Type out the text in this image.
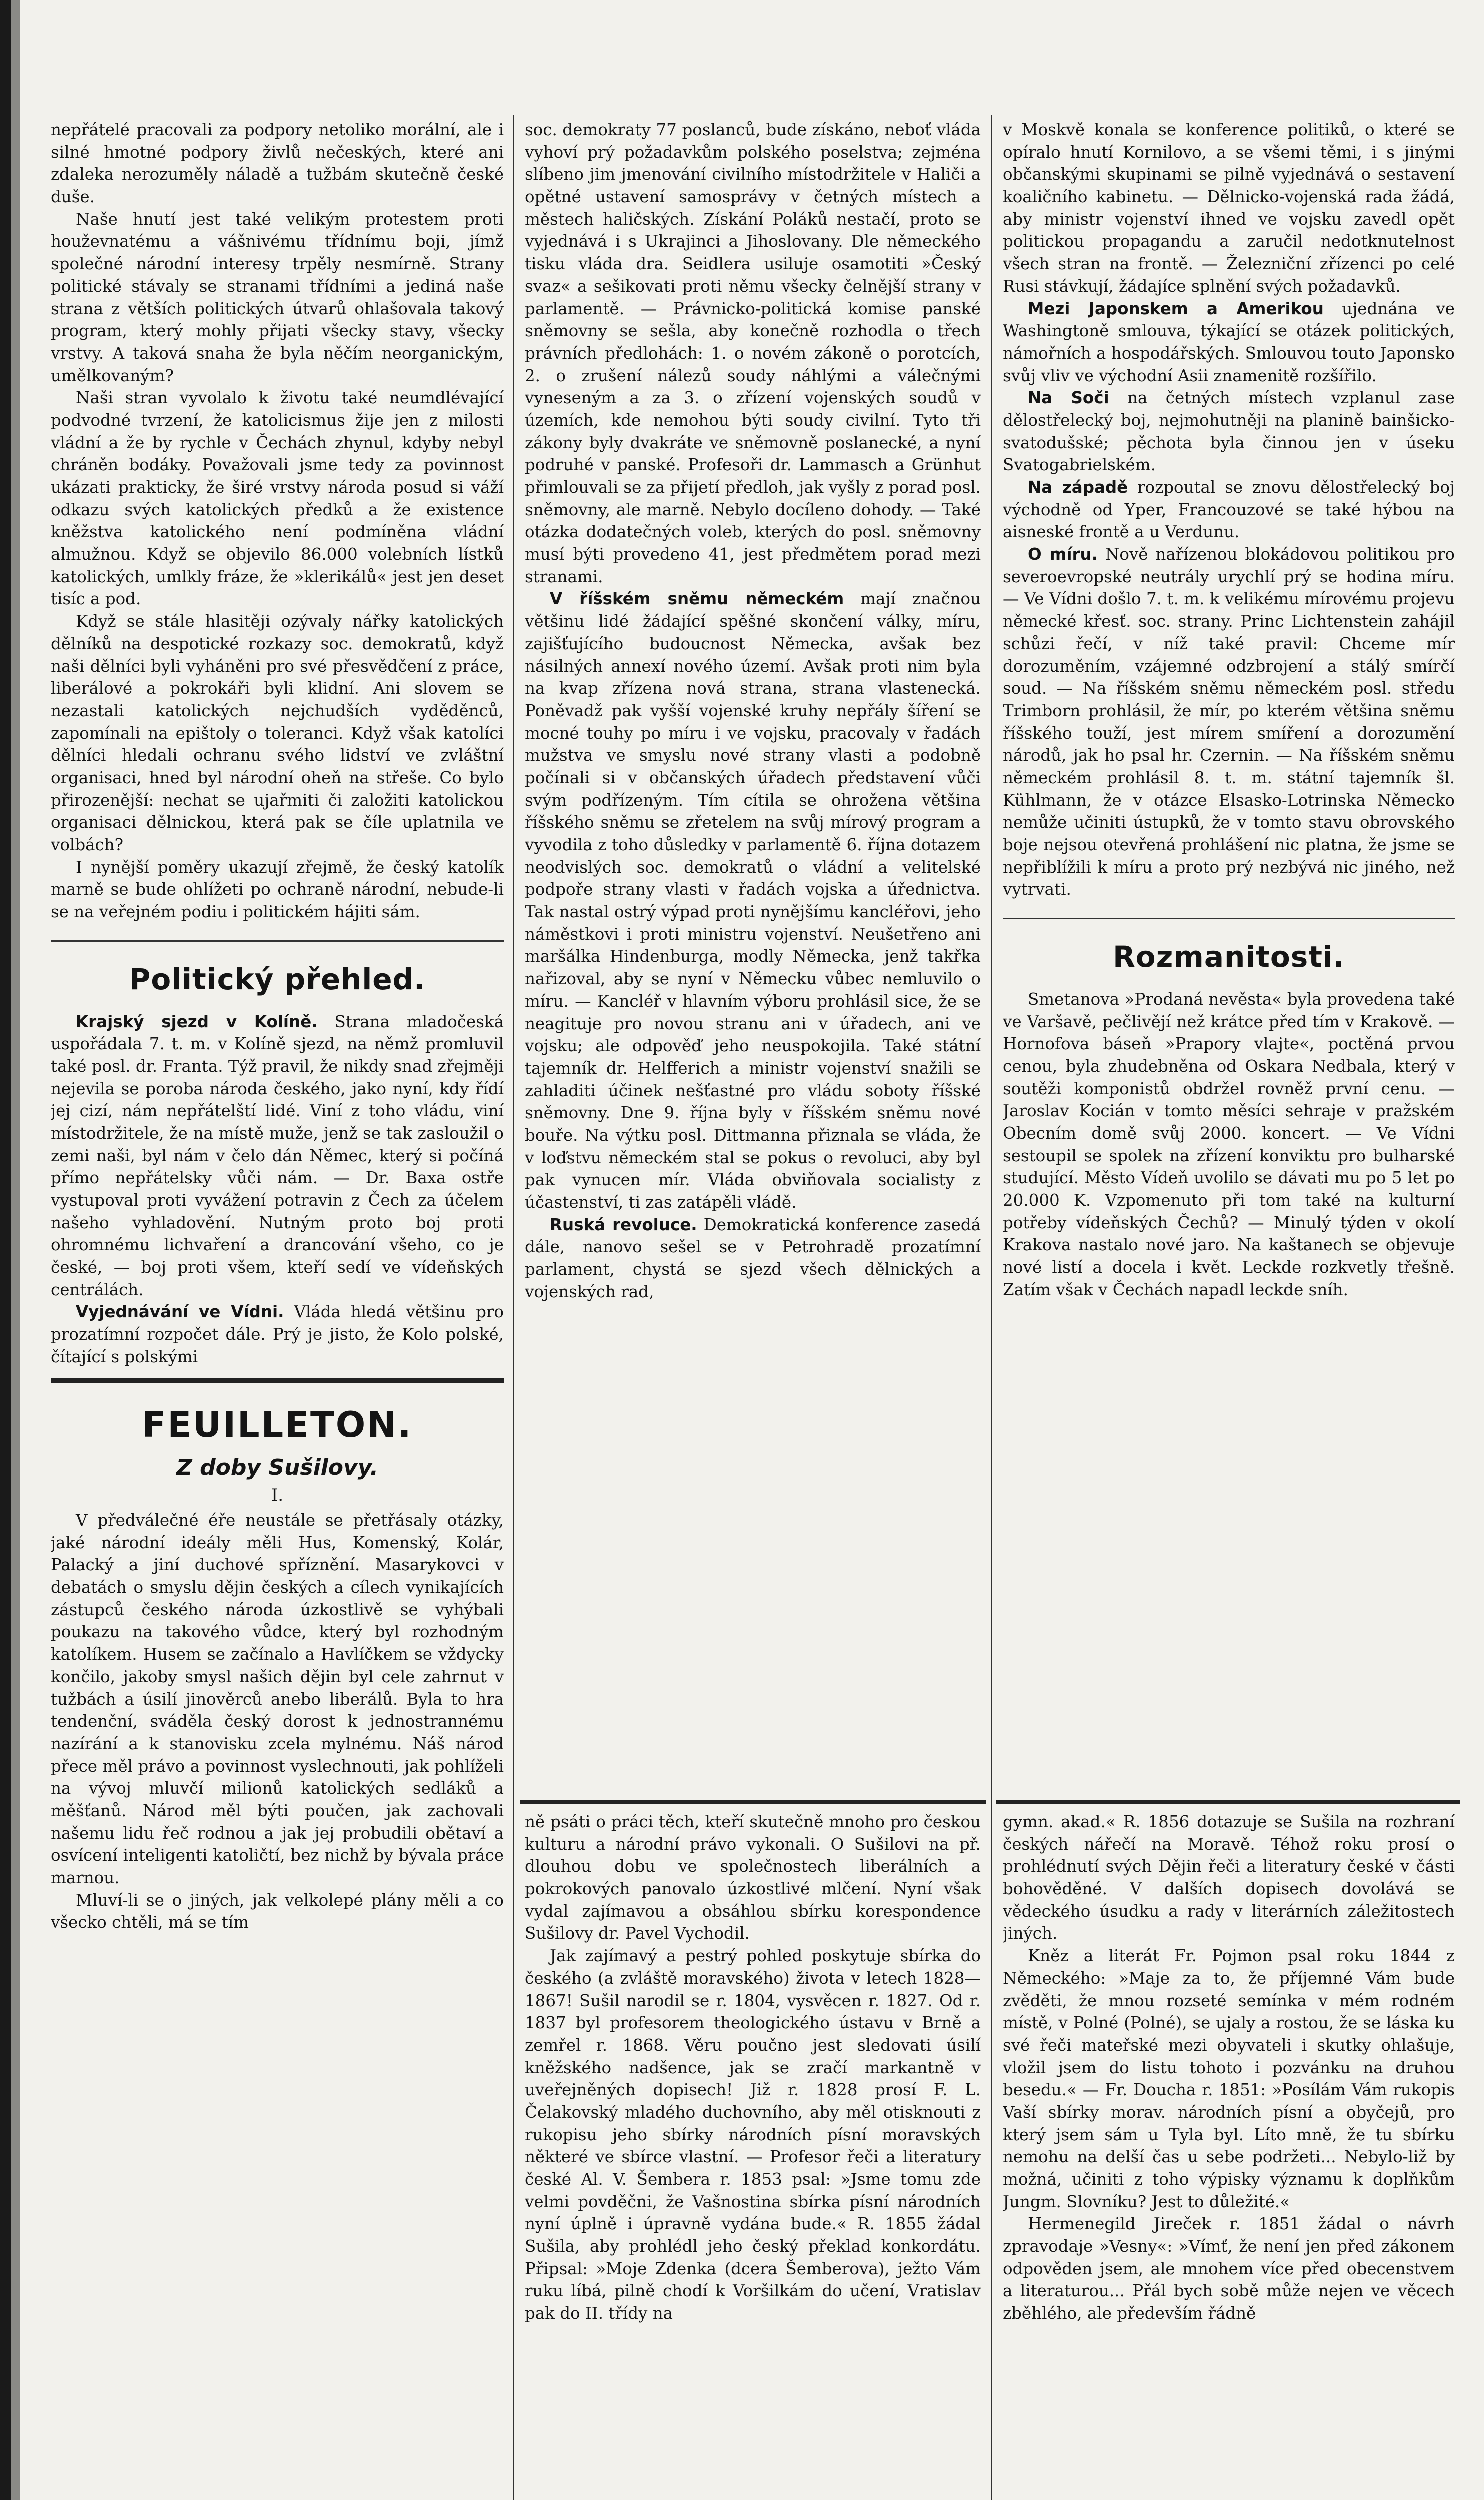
nepřátelé pracovali za podpory netoliko morální, ale i silné hmotné podpory živlů nečeských, které ani zdaleka nerozuměly náladě a tužbám skutečně české duše.

Naše hnutí jest také velikým protestem proti houževnatému a vášnivému třídnímu boji, jímž společné národní interesy trpěly nesmírně. Strany politické stávaly se stranami třídními a jediná naše strana z větších politických útvarů ohlašovala takový program, který mohly přijati všecky stavy, všecky vrstvy. A taková snaha že byla něčím neorganickým, umělkovaným?

Naši stran vyvolalo k životu také neumdlévající podvodné tvrzení, že katolicismus žije jen z milosti vládní a že by rychle v Čechách zhynul, kdyby nebyl chráněn bodáky. Považovali jsme tedy za povinnost ukázati prakticky, že širé vrstvy národa posud si váží odkazu svých katolických předků a že existence kněžstva katolického není podmíněna vládní almužnou. Když se objevilo 86.000 volebních lístků katolických, umlkly fráze, že »klerikálů« jest jen deset tisíc a pod.

Když se stále hlasitěji ozývaly nářky katolických dělníků na despotické rozkazy soc. demokratů, když naši dělníci byli vyháněni pro své přesvědčení z práce, liberálové a pokrokáři byli klidní. Ani slovem se nezastali katolických nejchudších vyděděnců, zapomínali na epištoly o toleranci. Když však katolíci dělníci hledali ochranu svého lidství ve zvláštní organisaci, hned byl národní oheň na střeše. Co bylo přirozenější: nechat se ujařmiti či založiti katolickou organisaci dělnickou, která pak se číle uplatnila ve volbách?

I nynější poměry ukazují zřejmě, že český katolík marně se bude ohlížeti po ochraně národní, nebude-li se na veřejném podiu i politickém hájiti sám.

Politický přehled.

Krajský sjezd v Kolíně. Strana mladočeská uspořádala 7. t. m. v Kolíně sjezd, na němž promluvil také posl. dr. Franta. Týž pravil, že nikdy snad zřejměji nejevila se poroba národa českého, jako nyní, kdy řídí jej cizí, nám nepřátelští lidé. Viní z toho vládu, viní místodržitele, že na místě muže, jenž se tak zasloužil o zemi naši, byl nám v čelo dán Němec, který si počíná přímo nepřátelsky vůči nám. — Dr. Baxa ostře vystupoval proti vyvážení potravin z Čech za účelem našeho vyhladovění. Nutným proto boj proti ohromnému lichvaření a drancování všeho, co je české, — boj proti všem, kteří sedí ve vídeňských centrálách.

Vyjednávání ve Vídni. Vláda hledá většinu pro prozatímní rozpočet dále. Prý je jisto, že Kolo polské, čítající s polskými

FEUILLETON.
Z doby Sušilovy.
I.

V předválečné éře neustále se přetřásaly otázky, jaké národní ideály měli Hus, Komenský, Kolár, Palacký a jiní duchové spříznění. Masarykovci v debatách o smyslu dějin českých a cílech vynikajících zástupců českého národa úzkostlivě se vyhýbali poukazu na takového vůdce, který byl rozhodným katolíkem. Husem se začínalo a Havlíčkem se vždycky končilo, jakoby smysl našich dějin byl cele zahrnut v tužbách a úsilí jinověrců anebo liberálů. Byla to hra tendenční, sváděla český dorost k jednostrannému nazírání a k stanovisku zcela mylnému. Náš národ přece měl právo a povinnost vyslechnouti, jak pohlíželi na vývoj mluvčí milionů katolických sedláků a měšťanů. Národ měl býti poučen, jak zachovali našemu lidu řeč rodnou a jak jej probudili obětaví a osvícení inteligenti katoličtí, bez nichž by bývala práce marnou.

Mluví-li se o jiných, jak velkolepé plány měli a co všecko chtěli, má se tím

soc. demokraty 77 poslanců, bude získáno, neboť vláda vyhoví prý požadavkům polského poselstva; zejména slíbeno jim jmenování civilního místodržitele v Haliči a opětné ustavení samosprávy v četných místech a městech haličských. Získání Poláků nestačí, proto se vyjednává i s Ukrajinci a Jihoslovany. Dle německého tisku vláda dra. Seidlera usiluje osamotiti »Český svaz« a sešikovati proti němu všecky čelnější strany v parlamentě. — Právnicko-politická komise panské sněmovny se sešla, aby konečně rozhodla o třech právních předlohách: 1. o novém zákoně o porotcích, 2. o zrušení nálezů soudy náhlými a válečnými vyneseným a za 3. o zřízení vojenských soudů v územích, kde nemohou býti soudy civilní. Tyto tři zákony byly dvakráte ve sněmovně poslanecké, a nyní podruhé v panské. Profesoři dr. Lammasch a Grünhut přimlouvali se za přijetí předloh, jak vyšly z porad posl. sněmovny, ale marně. Nebylo docíleno dohody. — Také otázka dodatečných voleb, kterých do posl. sněmovny musí býti provedeno 41, jest předmětem porad mezi stranami.

V říšském sněmu německém mají značnou většinu lidé žádající spěšné skončení války, míru, zajišťujícího budoucnost Německa, avšak bez násilných annexí nového území. Avšak proti nim byla na kvap zřízena nová strana, strana vlastenecká. Poněvadž pak vyšší vojenské kruhy nepřály šíření se mocné touhy po míru i ve vojsku, pracovaly v řadách mužstva ve smyslu nové strany vlasti a podobně počínali si v občanských úřadech představení vůči svým podřízeným. Tím cítila se ohrožena většina říšského sněmu se zřetelem na svůj mírový program a vyvodila z toho důsledky v parlamentě 6. října dotazem neodvislých soc. demokratů o vládní a velitelské podpoře strany vlasti v řadách vojska a úřednictva. Tak nastal ostrý výpad proti nynějšímu kancléřovi, jeho náměstkovi i proti ministru vojenství. Neušetřeno ani maršálka Hindenburga, modly Německa, jenž takřka nařizoval, aby se nyní v Německu vůbec nemluvilo o míru. — Kancléř v hlavním výboru prohlásil sice, že se neagituje pro novou stranu ani v úřadech, ani ve vojsku; ale odpověď jeho neuspokojila. Také státní tajemník dr. Helfferich a ministr vojenství snažili se zahladiti účinek nešťastné pro vládu soboty říšské sněmovny. Dne 9. října byly v říšském sněmu nové bouře. Na výtku posl. Dittmanna přiznala se vláda, že v loďstvu německém stal se pokus o revoluci, aby byl pak vynucen mír. Vláda obviňovala socialisty z účastenství, ti zas zatápěli vládě.

Ruská revoluce. Demokratická konference zasedá dále, nanovo sešel se v Petrohradě prozatímní parlament, chystá se sjezd všech dělnických a vojenských rad,

ně psáti o práci těch, kteří skutečně mnoho pro českou kulturu a národní právo vykonali. O Sušilovi na př. dlouhou dobu ve společnostech liberálních a pokrokových panovalo úzkostlivé mlčení. Nyní však vydal zajímavou a obsáhlou sbírku korespondence Sušilovy dr. Pavel Vychodil.

Jak zajímavý a pestrý pohled poskytuje sbírka do českého (a zvláště moravského) života v letech 1828—1867! Sušil narodil se r. 1804, vysvěcen r. 1827. Od r. 1837 byl profesorem theologického ústavu v Brně a zemřel r. 1868. Věru poučno jest sledovati úsilí kněžského nadšence, jak se zračí markantně v uveřejněných dopisech! Již r. 1828 prosí F. L. Čelakovský mladého duchovního, aby měl otisknouti z rukopisu jeho sbírky národních písní moravských některé ve sbírce vlastní. — Profesor řeči a literatury české Al. V. Šembera r. 1853 psal: »Jsme tomu zde velmi povděčni, že Vašnostina sbírka písní národních nyní úplně i úpravně vydána bude.« R. 1855 žádal Sušila, aby prohlédl jeho český překlad konkordátu. Připsal: »Moje Zdenka (dcera Šemberova), ježto Vám ruku líbá, pilně chodí k Voršilkám do učení, Vratislav pak do II. třídy na

v Moskvě konala se konference politiků, o které se opíralo hnutí Kornilovo, a se všemi těmi, i s jinými občanskými skupinami se pilně vyjednává o sestavení koaličního kabinetu. — Dělnicko-vojenská rada žádá, aby ministr vojenství ihned ve vojsku zavedl opět politickou propagandu a zaručil nedotknutelnost všech stran na frontě. — Železniční zřízenci po celé Rusi stávkují, žádajíce splnění svých požadavků.

Mezi Japonskem a Amerikou ujednána ve Washingtoně smlouva, týkající se otázek politických, námořních a hospodářských. Smlouvou touto Japonsko svůj vliv ve východní Asii znamenitě rozšířilo.

Na Soči na četných místech vzplanul zase dělostřelecký boj, nejmohutněji na planině bainšicko-svatodušské; pěchota byla činnou jen v úseku Svatogabrielském.

Na západě rozpoutal se znovu dělostřelecký boj východně od Yper, Francouzové se také hýbou na aisneské frontě a u Verdunu.

O míru. Nově nařízenou blokádovou politikou pro severoevropské neutrály urychlí prý se hodina míru. — Ve Vídni došlo 7. t. m. k velikému mírovému projevu německé křesť. soc. strany. Princ Lichtenstein zahájil schůzi řečí, v níž také pravil: Chceme mír dorozuměním, vzájemné odzbrojení a stálý smírčí soud. — Na říšském sněmu německém posl. středu Trimborn prohlásil, že mír, po kterém většina sněmu říšského touží, jest mírem smíření a dorozumění národů, jak ho psal hr. Czernin. — Na říšském sněmu německém prohlásil 8. t. m. státní tajemník šl. Kühlmann, že v otázce Elsasko-Lotrinska Německo nemůže učiniti ústupků, že v tomto stavu obrovského boje nejsou otevřená prohlášení nic platna, že jsme se nepřiblížili k míru a proto prý nezbývá nic jiného, než vytrvati.

Rozmanitosti.

Smetanova »Prodaná nevěsta« byla provedena také ve Varšavě, pečlivějí než krátce před tím v Krakově. — Hornofova báseň »Prapory vlajte«, poctěná prvou cenou, byla zhudebněna od Oskara Nedbala, který v soutěži komponistů obdržel rovněž první cenu. — Jaroslav Kocián v tomto měsíci sehraje v pražském Obecním domě svůj 2000. koncert. — Ve Vídni sestoupil se spolek na zřízení konviktu pro bulharské studující. Město Vídeň uvolilo se dávati mu po 5 let po 20.000 K. Vzpomenuto při tom také na kulturní potřeby vídeňských Čechů? — Minulý týden v okolí Krakova nastalo nové jaro. Na kaštanech se objevuje nové listí a docela i květ. Leckde rozkvetly třešně. Zatím však v Čechách napadl leckde sníh.

gymn. akad.« R. 1856 dotazuje se Sušila na rozhraní českých nářečí na Moravě. Téhož roku prosí o prohlédnutí svých Dějin řeči a literatury české v části bohověděné. V dalších dopisech dovolává se vědeckého úsudku a rady v literárních záležitostech jiných.

Kněz a literát Fr. Pojmon psal roku 1844 z Německého: »Maje za to, že příjemné Vám bude zvěděti, že mnou rozseté semínka v mém rodném místě, v Polné (Polné), se ujaly a rostou, že se láska ku své řeči mateřské mezi obyvateli i skutky ohlašuje, vložil jsem do listu tohoto i pozvánku na druhou besedu.« — Fr. Doucha r. 1851: »Posílám Vám rukopis Vaší sbírky morav. národních písní a obyčejů, pro který jsem sám u Tyla byl. Líto mně, že tu sbírku nemohu na delší čas u sebe podržeti... Nebylo-liž by možná, učiniti z toho výpisky významu k doplňkům Jungm. Slovníku? Jest to důležité.«

Hermenegild Jireček r. 1851 žádal o návrh zpravodaje »Vesny«: »Vímť, že není jen před zákonem odpověden jsem, ale mnohem více před obecenstvem a literaturou... Přál bych sobě může nejen ve věcech zběhlého, ale především řádně
